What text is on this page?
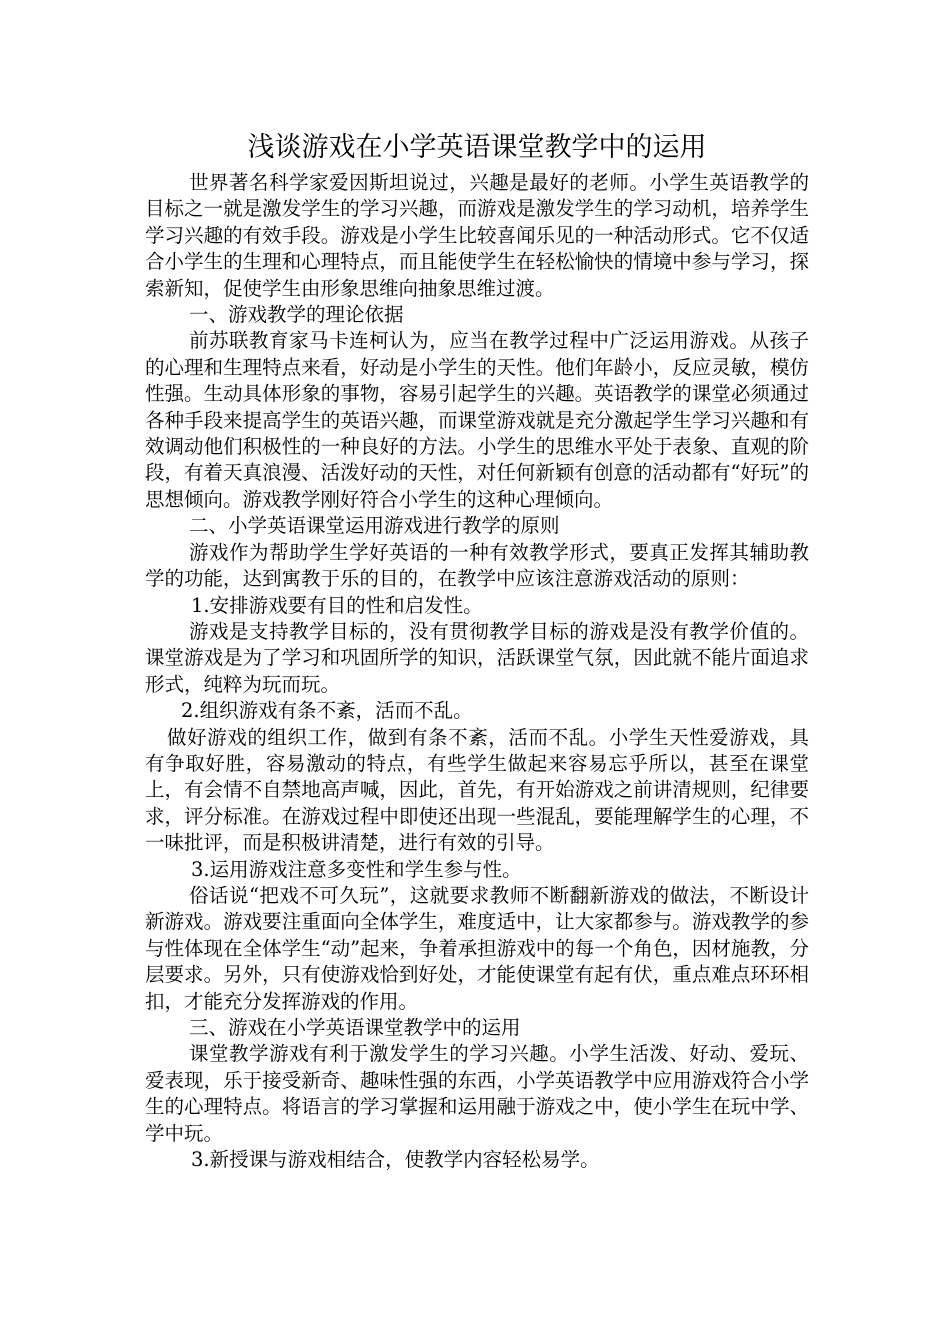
浅谈游戏在小学英语课堂教学中的运用

世界著名科学家爱因斯坦说过，兴趣是最好的老师。小学生英语教学的目标之一就是激发学生的学习兴趣，而游戏是激发学生的学习动机，培养学生学习兴趣的有效手段。游戏是小学生比较喜闻乐见的一种活动形式。它不仅适合小学生的生理和心理特点，而且能使学生在轻松愉快的情境中参与学习，探索新知，促使学生由形象思维向抽象思维过渡。

一、游戏教学的理论依据

前苏联教育家马卡连柯认为，应当在教学过程中广泛运用游戏。从孩子的心理和生理特点来看，好动是小学生的天性。他们年龄小，反应灵敏，模仿性强。生动具体形象的事物，容易引起学生的兴趣。英语教学的课堂必须通过各种手段来提高学生的英语兴趣，而课堂游戏就是充分激起学生学习兴趣和有效调动他们积极性的一种良好的方法。小学生的思维水平处于表象、直观的阶段，有着天真浪漫、活泼好动的天性，对任何新颖有创意的活动都有“好玩”的思想倾向。游戏教学刚好符合小学生的这种心理倾向。

二、小学英语课堂运用游戏进行教学的原则

游戏作为帮助学生学好英语的一种有效教学形式，要真正发挥其辅助教学的功能，达到寓教于乐的目的，在教学中应该注意游戏活动的原则：

1.安排游戏要有目的性和启发性。

游戏是支持教学目标的，没有贯彻教学目标的游戏是没有教学价值的。课堂游戏是为了学习和巩固所学的知识，活跃课堂气氛，因此就不能片面追求形式，纯粹为玩而玩。

2.组织游戏有条不紊，活而不乱。

做好游戏的组织工作，做到有条不紊，活而不乱。小学生天性爱游戏，具有争取好胜，容易激动的特点，有些学生做起来容易忘乎所以，甚至在课堂上，有会情不自禁地高声喊，因此，首先，有开始游戏之前讲清规则，纪律要求，评分标准。在游戏过程中即使还出现一些混乱，要能理解学生的心理，不一味批评，而是积极讲清楚，进行有效的引导。

3.运用游戏注意多变性和学生参与性。

俗话说“把戏不可久玩”，这就要求教师不断翻新游戏的做法，不断设计新游戏。游戏要注重面向全体学生，难度适中，让大家都参与。游戏教学的参与性体现在全体学生“动”起来，争着承担游戏中的每一个角色，因材施教，分层要求。另外，只有使游戏恰到好处，才能使课堂有起有伏，重点难点环环相扣，才能充分发挥游戏的作用。

三、游戏在小学英语课堂教学中的运用

课堂教学游戏有利于激发学生的学习兴趣。小学生活泼、好动、爱玩、爱表现，乐于接受新奇、趣味性强的东西，小学英语教学中应用游戏符合小学生的心理特点。将语言的学习掌握和运用融于游戏之中，使小学生在玩中学、学中玩。

3.新授课与游戏相结合，使教学内容轻松易学。
